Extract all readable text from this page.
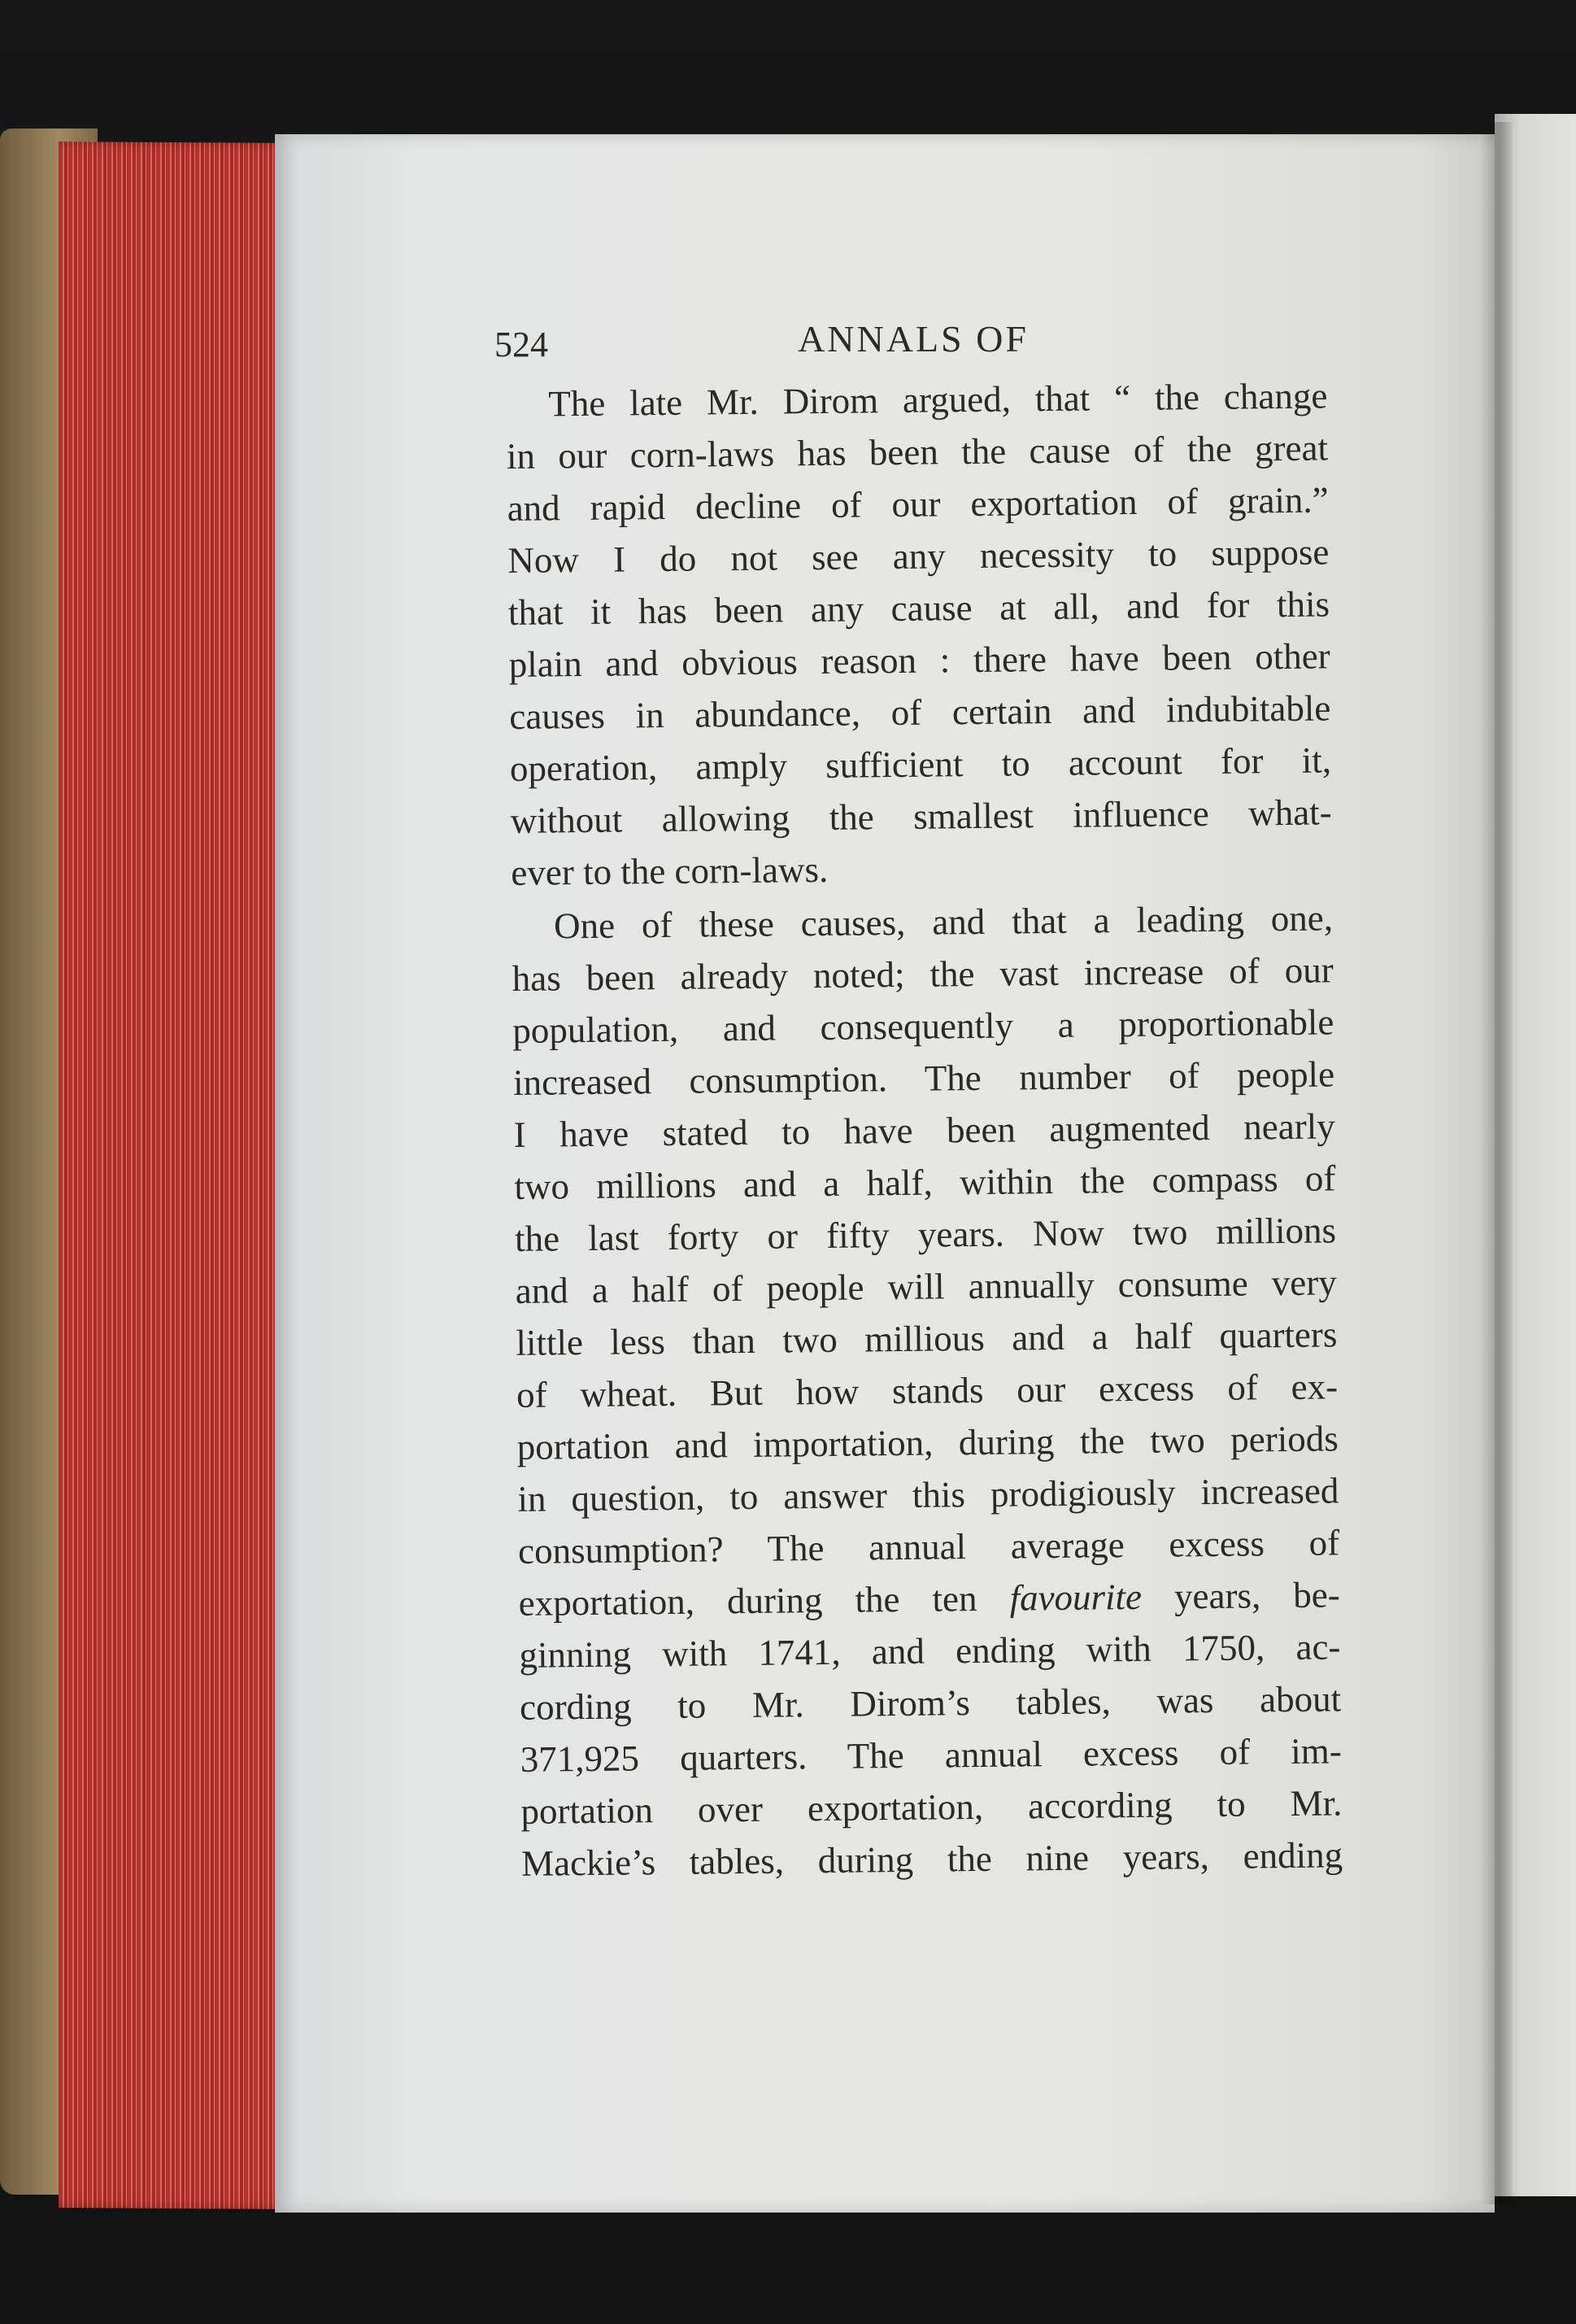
524	ANNALS OF
The late Mr. Dirom argued, that “ the change
in our corn-laws has been the cause of the great
and rapid decline of our exportation of grain.”
Now I do not see any necessity to suppose
that it has been any cause at all, and for this
plain and obvious reason : there have been other
causes in abundance, of certain and indubitable
operation, amply sufficient to account for it,
without allowing the smallest influence what-
ever to the corn-laws.
One of these causes, and that a leading one,
has been already noted; the vast increase of our
population, and consequently a proportionable
increased consumption. The number of people
I have stated to have been augmented nearly
two millions and a half, within the compass of
the last forty or fifty years. Now two millions
and a half of people will annually consume very
little less than two millious and a half quarters
of wheat. But how stands our excess of ex-
portation and importation, during the two periods
in question, to answer this prodigiously increased
consumption? The annual average excess of
exportation, during the ten favourite years, be-
ginning with 1741, and ending with 1750, ac-
cording to Mr. Dirom’s tables, was about
371,925 quarters. The annual excess of im-
portation over exportation, according to Mr.
Mackie’s tables, during the nine years, ending
